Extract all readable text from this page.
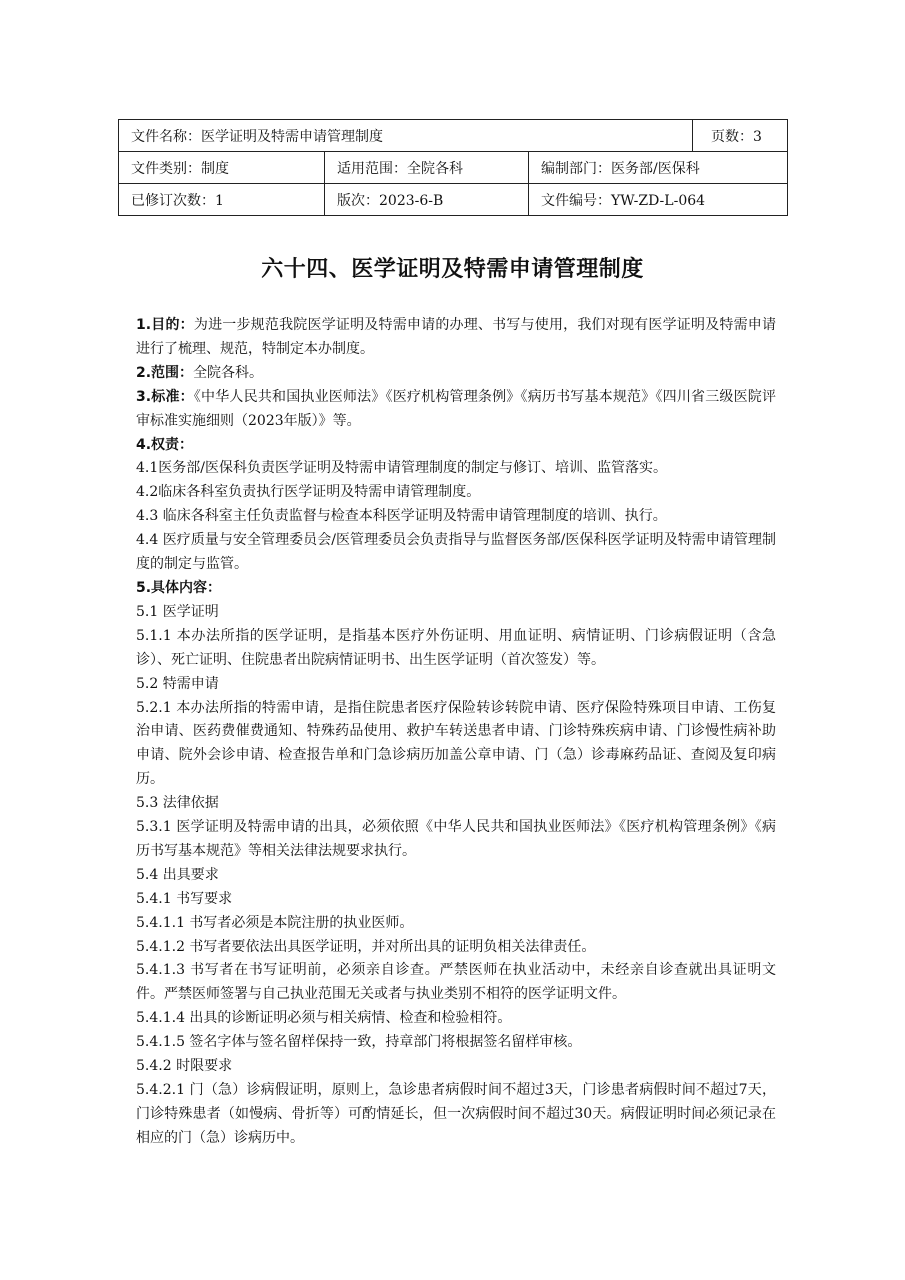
文件名称：医学证明及特需申请管理制度			页数：3
文件类别：制度	适用范围：全院各科	编制部门：医务部/医保科	
已修订次数：1	版次：2023-6-B	文件编号：YW-ZD-L-064	
六十四、医学证明及特需申请管理制度

1.目的：为进一步规范我院医学证明及特需申请的办理、书写与使用，我们对现有医学证明及特需申请进行了梳理、规范，特制定本办制度。

2.范围：全院各科。

3.标准：《中华人民共和国执业医师法》《医疗机构管理条例》《病历书写基本规范》《四川省三级医院评审标准实施细则（2023年版）》等。

4.权责：

4.1医务部/医保科负责医学证明及特需申请管理制度的制定与修订、培训、监管落实。

4.2临床各科室负责执行医学证明及特需申请管理制度。

4.3 临床各科室主任负责监督与检查本科医学证明及特需申请管理制度的培训、执行。

4.4 医疗质量与安全管理委员会/医管理委员会负责指导与监督医务部/医保科医学证明及特需申请管理制度的制定与监管。

5.具体内容：

5.1 医学证明

5.1.1 本办法所指的医学证明，是指基本医疗外伤证明、用血证明、病情证明、门诊病假证明（含急诊）、死亡证明、住院患者出院病情证明书、出生医学证明（首次签发）等。

5.2 特需申请

5.2.1 本办法所指的特需申请，是指住院患者医疗保险转诊转院申请、医疗保险特殊项目申请、工伤复治申请、医药费催费通知、特殊药品使用、救护车转送患者申请、门诊特殊疾病申请、门诊慢性病补助申请、院外会诊申请、检查报告单和门急诊病历加盖公章申请、门（急）诊毒麻药品证、查阅及复印病历。

5.3 法律依据

5.3.1 医学证明及特需申请的出具，必须依照《中华人民共和国执业医师法》《医疗机构管理条例》《病历书写基本规范》等相关法律法规要求执行。

5.4 出具要求

5.4.1 书写要求

5.4.1.1 书写者必须是本院注册的执业医师。

5.4.1.2 书写者要依法出具医学证明，并对所出具的证明负相关法律责任。

5.4.1.3 书写者在书写证明前，必须亲自诊查。严禁医师在执业活动中，未经亲自诊查就出具证明文件。严禁医师签署与自己执业范围无关或者与执业类别不相符的医学证明文件。

5.4.1.4 出具的诊断证明必须与相关病情、检查和检验相符。

5.4.1.5 签名字体与签名留样保持一致，持章部门将根据签名留样审核。

5.4.2 时限要求

5.4.2.1 门（急）诊病假证明，原则上，急诊患者病假时间不超过3天，门诊患者病假时间不超过7天，门诊特殊患者（如慢病、骨折等）可酌情延长，但一次病假时间不超过30天。病假证明时间必须记录在相应的门（急）诊病历中。
